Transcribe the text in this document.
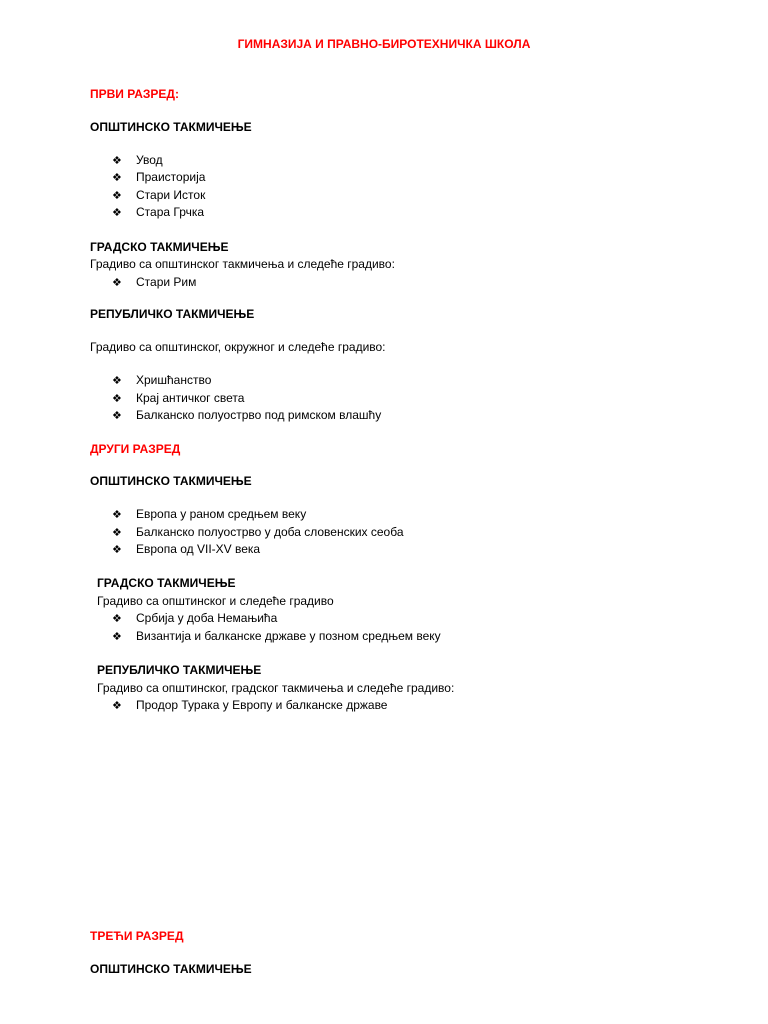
ГИМНАЗИЈА И ПРАВНО-БИРОТЕХНИЧКА ШКОЛА
ПРВИ РАЗРЕД:
ОПШТИНСКО ТАКМИЧЕЊЕ
❖ Увод
❖ Праисторија
❖ Стари Исток
❖ Стара Грчка
ГРАДСКО ТАКМИЧЕЊЕ
Градиво са општинског такмичења и следеће градиво:
❖ Стари Рим
РЕПУБЛИЧКО ТАКМИЧЕЊЕ
Градиво са општинског, окружног и следеће градиво:
❖ Хришћанство
❖ Крај античког света
❖ Балканско полуострво под римском влашћу
ДРУГИ РАЗРЕД
ОПШТИНСКО ТАКМИЧЕЊЕ
❖ Европа у раном средњем веку
❖ Балканско полуострво у доба словенских сеоба
❖ Европа од VII-XV века
ГРАДСКО ТАКМИЧЕЊЕ
Градиво са општинског и следеће градиво
❖ Србија у доба Немањића
❖ Византија и балканске државе у позном средњем веку
РЕПУБЛИЧКО ТАКМИЧЕЊЕ
Градиво са општинског, градског такмичења и следеће градиво:
❖ Продор Турака у Европу и балканске државе
ТРЕЋИ РАЗРЕД
ОПШТИНСКО ТАКМИЧЕЊЕ
